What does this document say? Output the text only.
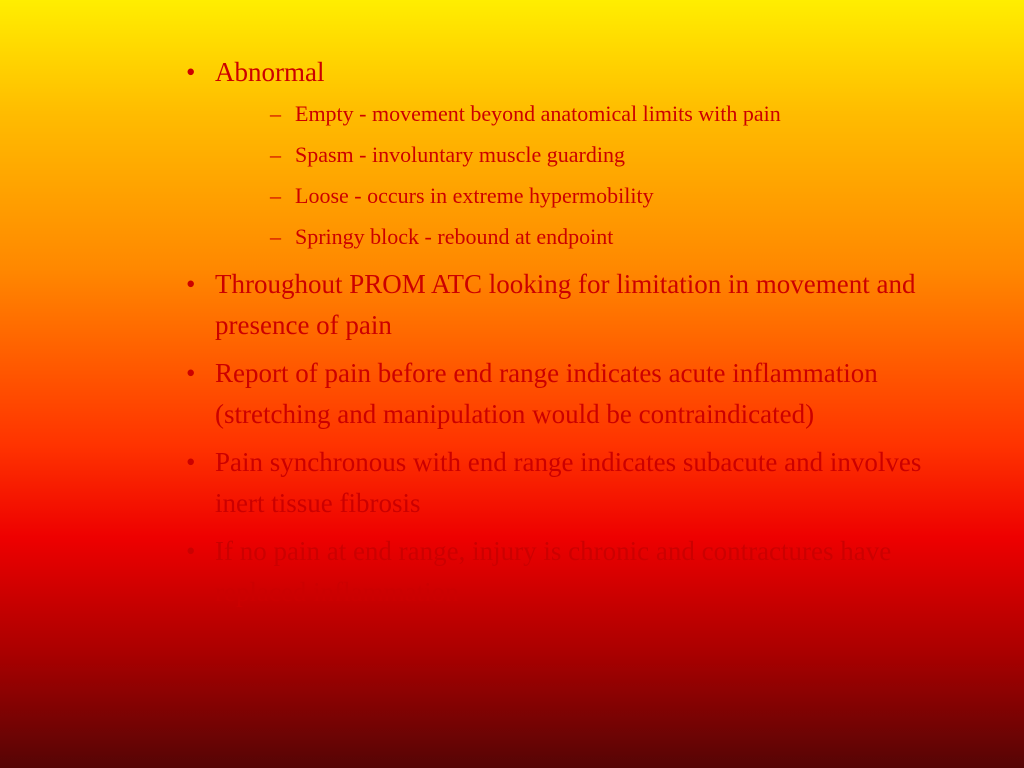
• Abnormal
– Empty - movement beyond anatomical limits with pain
– Spasm - involuntary muscle guarding
– Loose - occurs in extreme hypermobility
– Springy block - rebound at endpoint
• Throughout PROM ATC looking for limitation in movement and presence of pain
• Report of pain before end range indicates acute inflammation (stretching and manipulation would be contraindicated)
• Pain synchronous with end range indicates subacute and involves inert tissue fibrosis
• If no pain at end range, injury is chronic and contractures have replaced inflammation
